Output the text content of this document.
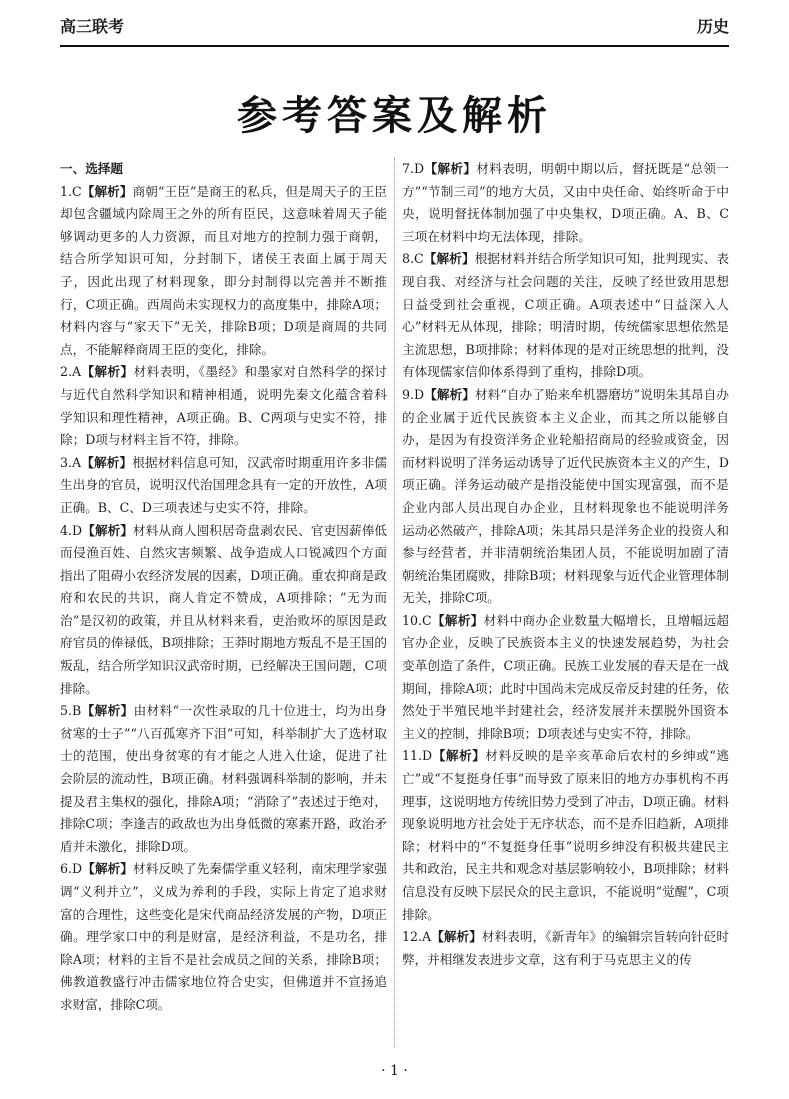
高三联考	历史
参考答案及解析
一、选择题

1.C【解析】商朝“王臣”是商王的私兵，但是周天子的王臣却包含疆域内除周王之外的所有臣民，这意味着周天子能够调动更多的人力资源，而且对地方的控制力强于商朝，结合所学知识可知，分封制下，诸侯王表面上属于周天子，因此出现了材料现象，即分封制得以完善并不断推行，C项正确。西周尚未实现权力的高度集中，排除A项；材料内容与“家天下”无关，排除B项；D项是商周的共同点，不能解释商周王臣的变化，排除。

2.A【解析】材料表明，《墨经》和墨家对自然科学的探讨与近代自然科学知识和精神相通，说明先秦文化蕴含着科学知识和理性精神，A项正确。B、C两项与史实不符，排除；D项与材料主旨不符，排除。

3.A【解析】根据材料信息可知，汉武帝时期重用许多非儒生出身的官员，说明汉代治国理念具有一定的开放性，A项正确。B、C、D三项表述与史实不符，排除。

4.D【解析】材料从商人囤积居奇盘剥农民、官吏因薪俸低而侵渔百姓、自然灾害频繁、战争造成人口锐减四个方面指出了阻碍小农经济发展的因素，D项正确。重农抑商是政府和农民的共识，商人肯定不赞成，A项排除；“无为而治”是汉初的政策，并且从材料来看，吏治败坏的原因是政府官员的俸禄低，B项排除；王莽时期地方叛乱不是王国的叛乱，结合所学知识汉武帝时期，已经解决王国问题，C项排除。

5.B【解析】由材料“一次性录取的几十位进士，均为出身贫寒的士子”“八百孤寒齐下泪”可知，科举制扩大了选材取士的范围，使出身贫寒的有才能之人进入仕途，促进了社会阶层的流动性，B项正确。材料强调科举制的影响，并未提及君主集权的强化，排除A项；“消除了”表述过于绝对，排除C项；李逢吉的政敌也为出身低微的寒素开路，政治矛盾并未激化，排除D项。

6.D【解析】材料反映了先秦儒学重义轻利，南宋理学家强调“义利并立”，义成为养利的手段，实际上肯定了追求财富的合理性，这些变化是宋代商品经济发展的产物，D项正确。理学家口中的利是财富，是经济利益，不是功名，排除A项；材料的主旨不是社会成员之间的关系，排除B项；佛教道教盛行冲击儒家地位符合史实，但佛道并不宣扬追求财富，排除C项。

7.D【解析】材料表明，明朝中期以后，督抚既是“总领一方”“节制三司”的地方大员，又由中央任命、始终听命于中央，说明督抚体制加强了中央集权，D项正确。A、B、C三项在材料中均无法体现，排除。

8.C【解析】根据材料并结合所学知识可知，批判现实、表现自我、对经济与社会问题的关注，反映了经世致用思想日益受到社会重视，C项正确。A项表述中“日益深入人心”材料无从体现，排除；明清时期，传统儒家思想依然是主流思想，B项排除；材料体现的是对正统思想的批判，没有体现儒家信仰体系得到了重构，排除D项。

9.D【解析】材料“自办了贻来牟机器磨坊”说明朱其昂自办的企业属于近代民族资本主义企业，而其之所以能够自办，是因为有投资洋务企业轮船招商局的经验或资金，因而材料说明了洋务运动诱导了近代民族资本主义的产生，D项正确。洋务运动破产是指没能使中国实现富强，而不是企业内部人员出现自办企业，且材料现象也不能说明洋务运动必然破产，排除A项；朱其昂只是洋务企业的投资人和参与经营者，并非清朝统治集团人员，不能说明加剧了清朝统治集团腐败，排除B项；材料现象与近代企业管理体制无关，排除C项。

10.C【解析】材料中商办企业数量大幅增长，且增幅远超官办企业，反映了民族资本主义的快速发展趋势，为社会变革创造了条件，C项正确。民族工业发展的春天是在一战期间，排除A项；此时中国尚未完成反帝反封建的任务，依然处于半殖民地半封建社会，经济发展并未摆脱外国资本主义的控制，排除B项；D项表述与史实不符，排除。

11.D【解析】材料反映的是辛亥革命后农村的乡绅或“逃亡”或“不复挺身任事”而导致了原来旧的地方办事机构不再理事，这说明地方传统旧势力受到了冲击，D项正确。材料现象说明地方社会处于无序状态，而不是乔旧趋新，A项排除；材料中的“不复挺身任事”说明乡绅没有积极共建民主共和政治，民主共和观念对基层影响较小，B项排除；材料信息没有反映下层民众的民主意识，不能说明“觉醒”，C项排除。

12.A【解析】材料表明，《新青年》的编辑宗旨转向针砭时弊，并相继发表进步文章，这有利于马克思主义的传

· 1 ·
